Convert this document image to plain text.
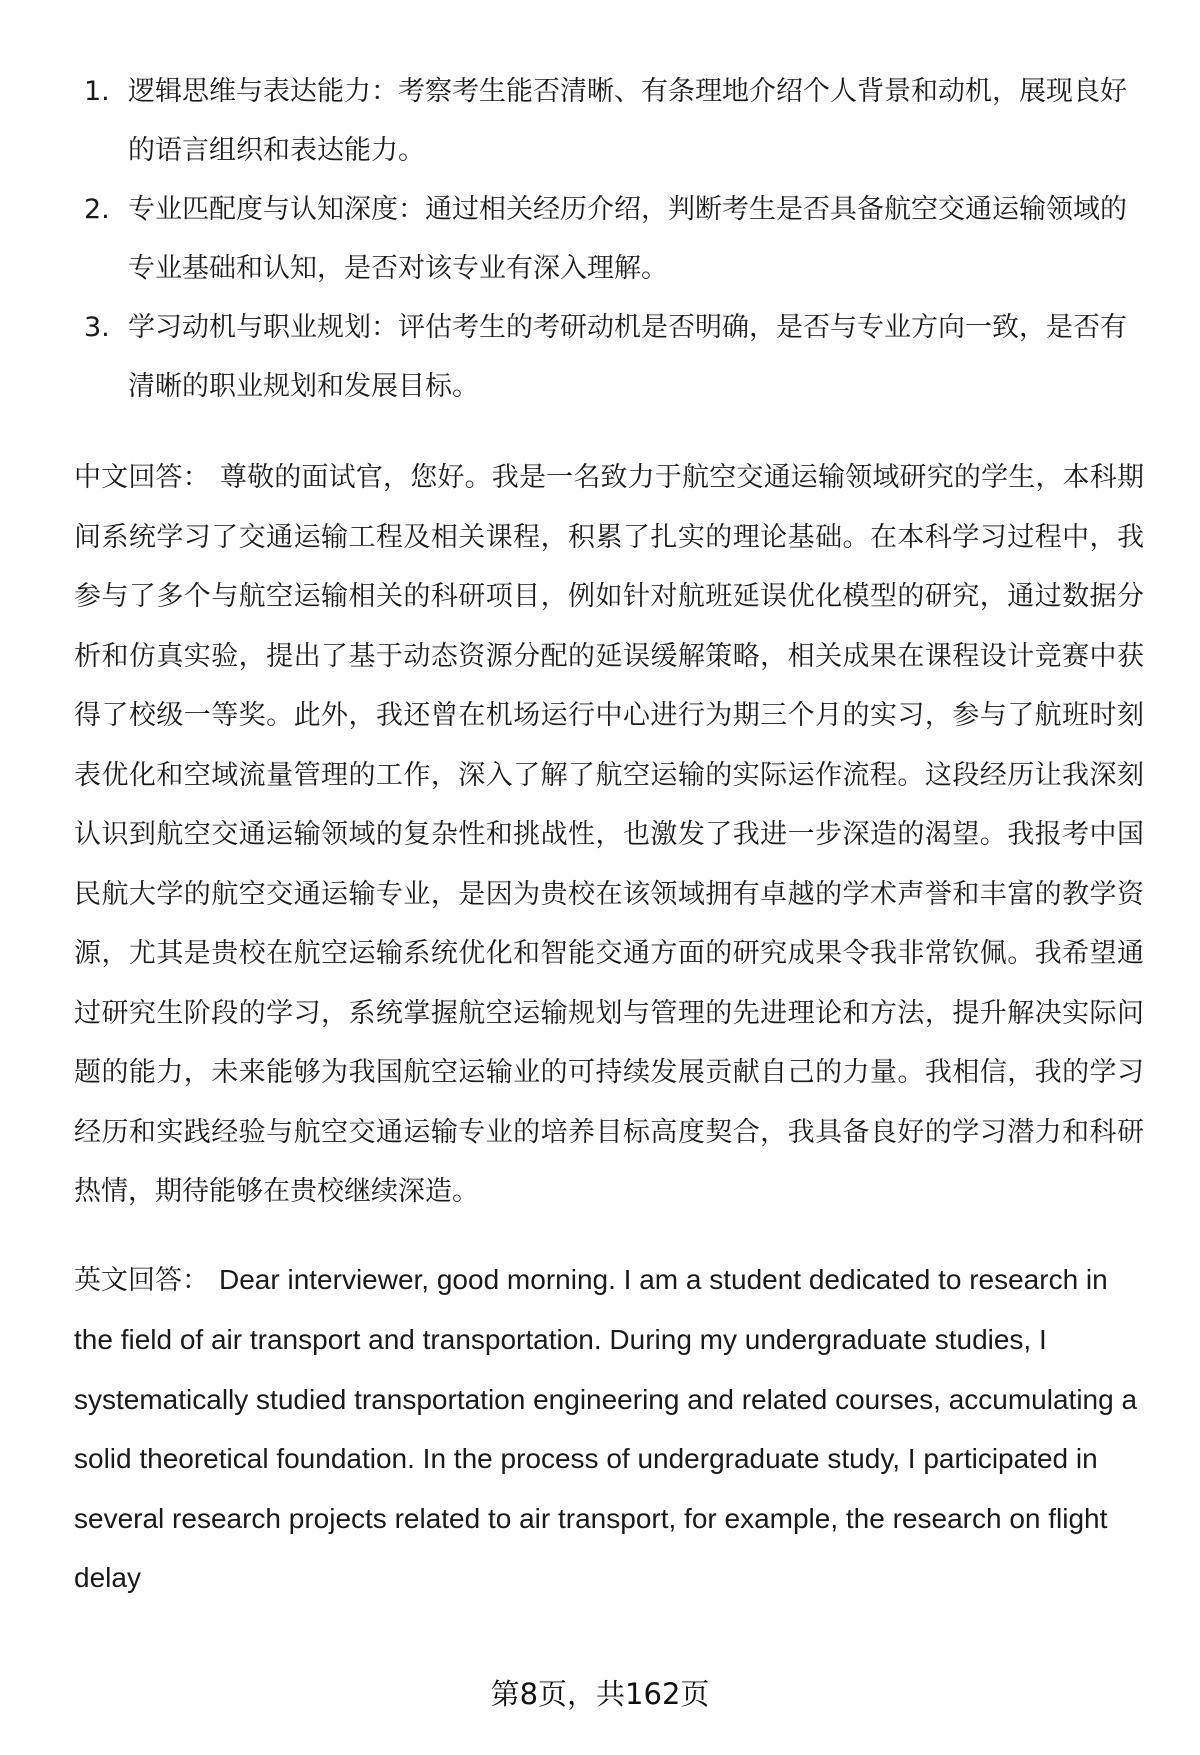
1. 逻辑思维与表达能力：考察考生能否清晰、有条理地介绍个人背景和动机，展现良好的语言组织和表达能力。
2. 专业匹配度与认知深度：通过相关经历介绍，判断考生是否具备航空交通运输领域的专业基础和认知，是否对该专业有深入理解。
3. 学习动机与职业规划：评估考生的考研动机是否明确，是否与专业方向一致，是否有清晰的职业规划和发展目标。

中文回答： 尊敬的面试官，您好。我是一名致力于航空交通运输领域研究的学生，本科期间系统学习了交通运输工程及相关课程，积累了扎实的理论基础。在本科学习过程中，我参与了多个与航空运输相关的科研项目，例如针对航班延误优化模型的研究，通过数据分析和仿真实验，提出了基于动态资源分配的延误缓解策略，相关成果在课程设计竞赛中获得了校级一等奖。此外，我还曾在机场运行中心进行为期三个月的实习，参与了航班时刻表优化和空域流量管理的工作，深入了解了航空运输的实际运作流程。这段经历让我深刻认识到航空交通运输领域的复杂性和挑战性，也激发了我进一步深造的渴望。我报考中国民航大学的航空交通运输专业，是因为贵校在该领域拥有卓越的学术声誉和丰富的教学资源，尤其是贵校在航空运输系统优化和智能交通方面的研究成果令我非常钦佩。我希望通过研究生阶段的学习，系统掌握航空运输规划与管理的先进理论和方法，提升解决实际问题的能力，未来能够为我国航空运输业的可持续发展贡献自己的力量。我相信，我的学习经历和实践经验与航空交通运输专业的培养目标高度契合，我具备良好的学习潜力和科研热情，期待能够在贵校继续深造。

英文回答： Dear interviewer, good morning. I am a student dedicated to research in the field of air transport and transportation. During my undergraduate studies, I systematically studied transportation engineering and related courses, accumulating a solid theoretical foundation. In the process of undergraduate study, I participated in several research projects related to air transport, for example, the research on flight delay

第8页，共162页
